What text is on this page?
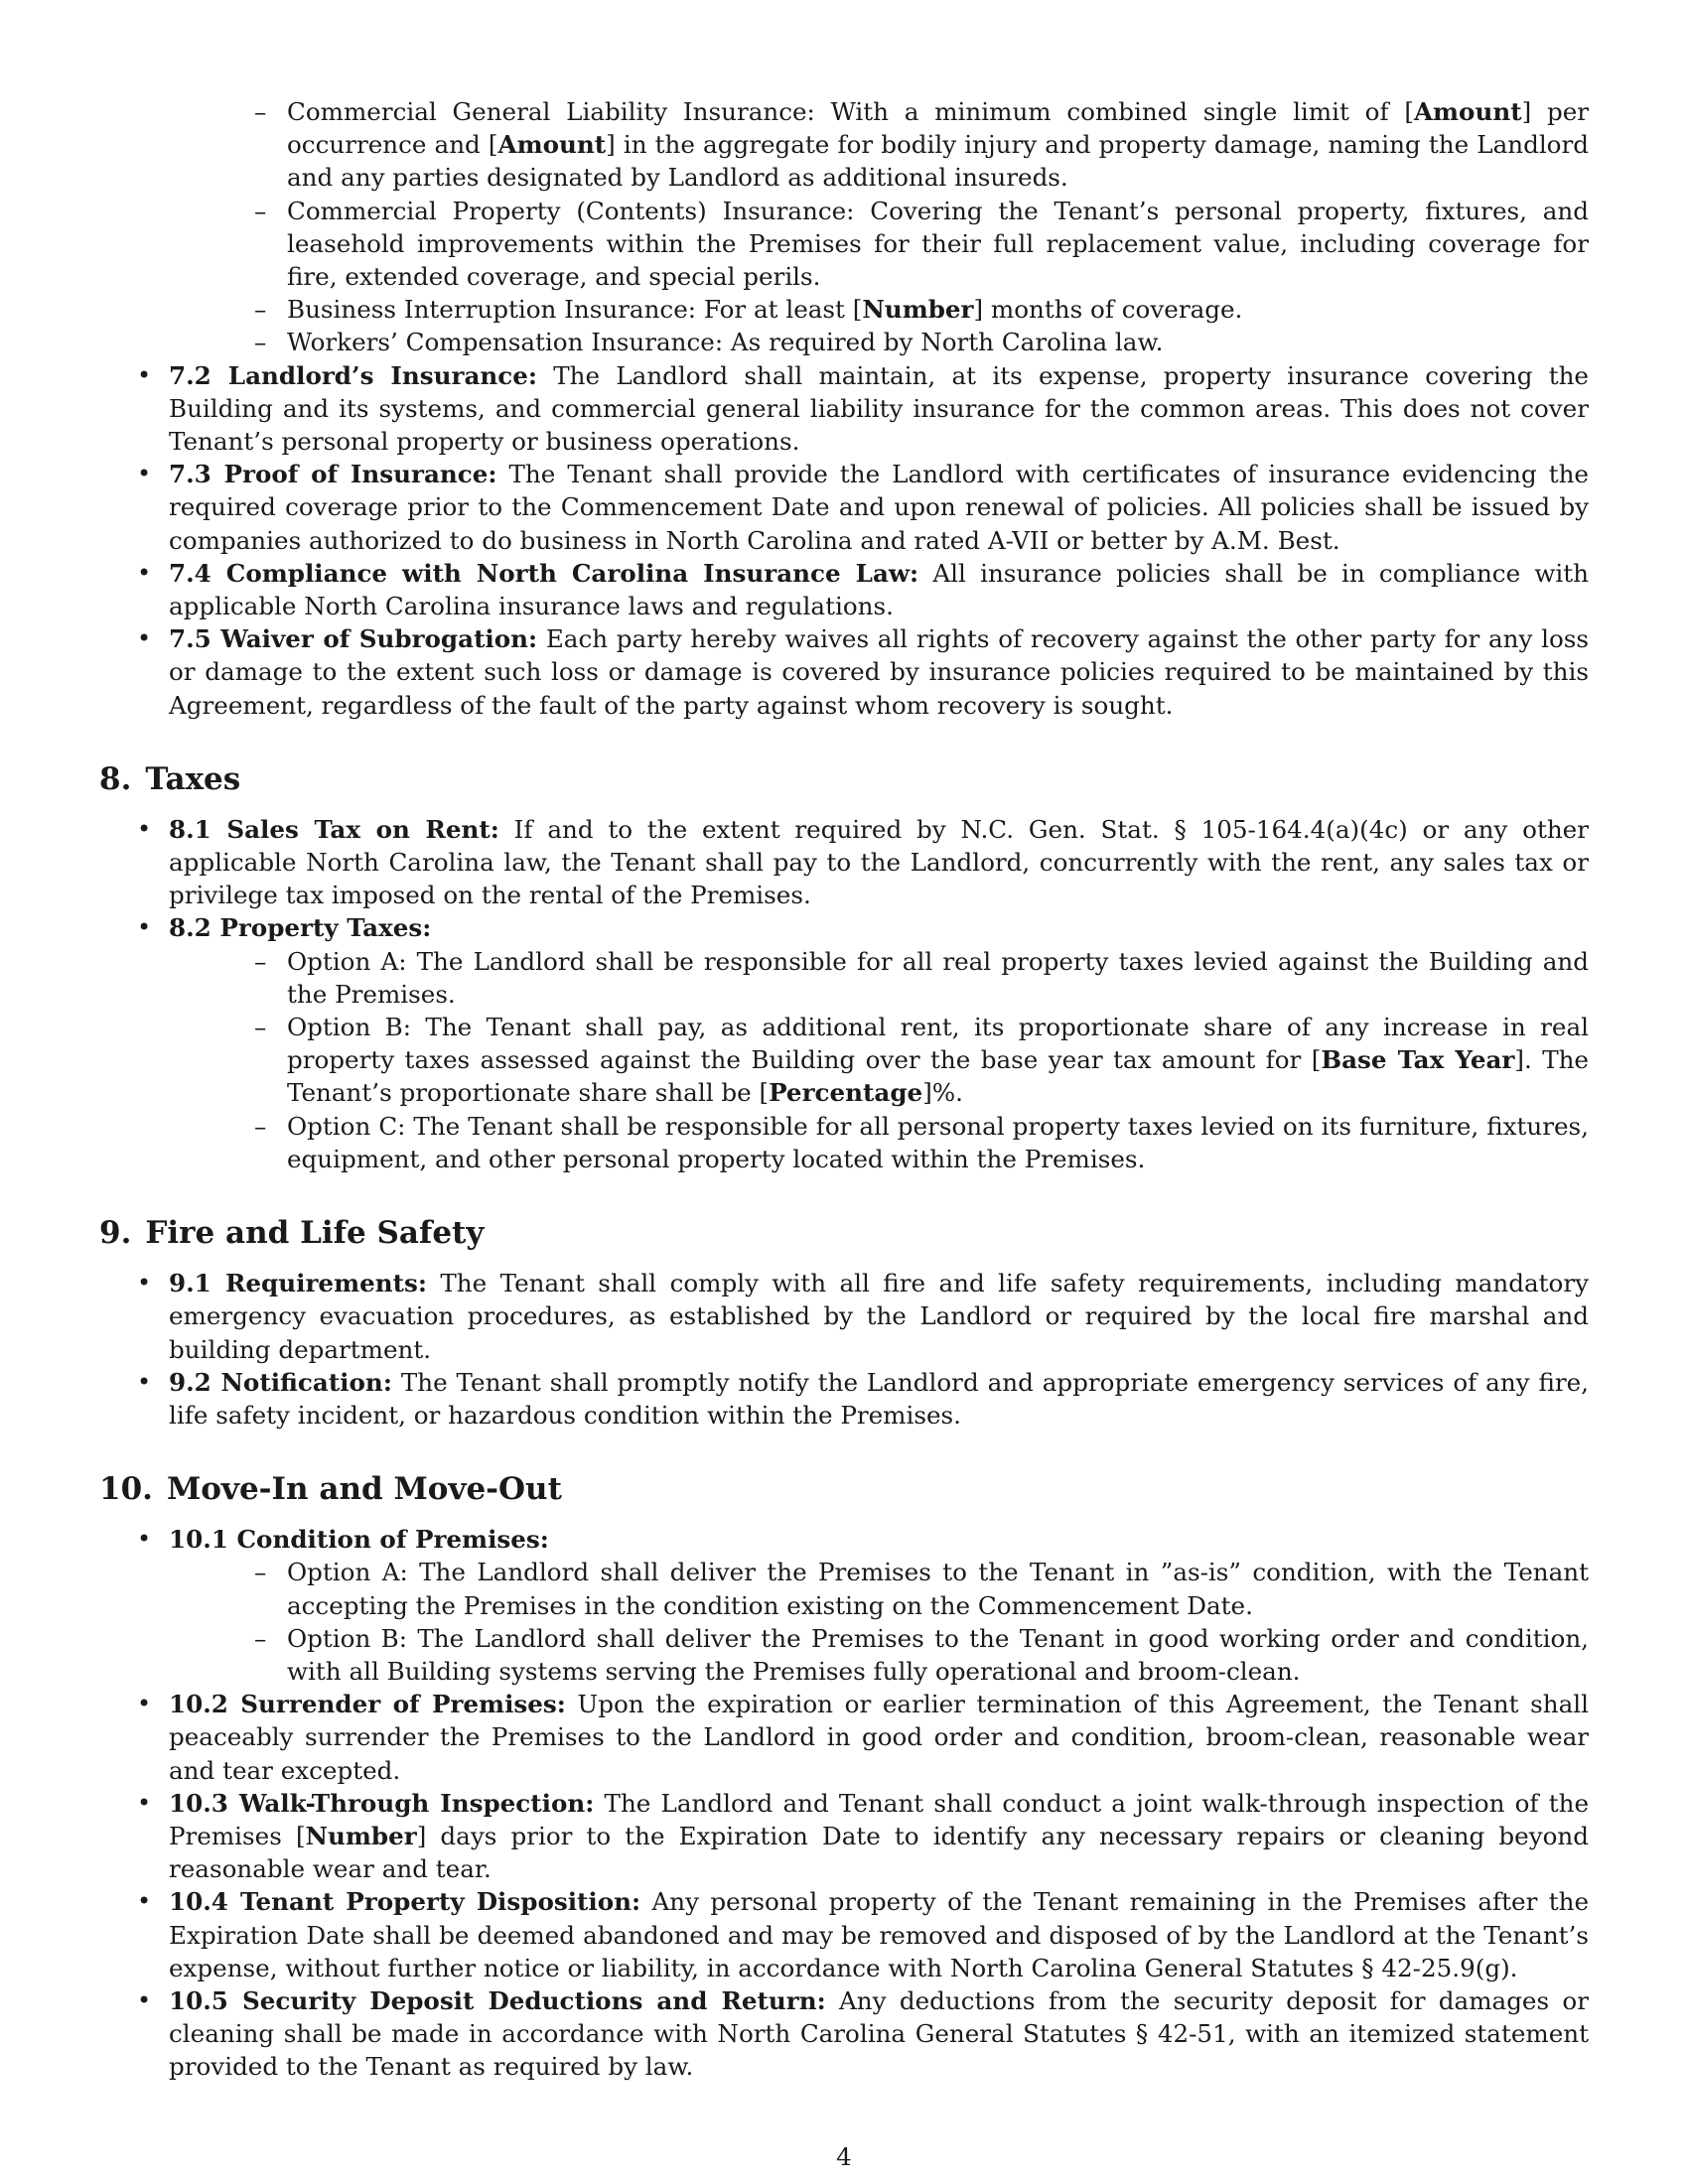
– Commercial General Liability Insurance: With a minimum combined single limit of [Amount] per occurrence and [Amount] in the aggregate for bodily injury and property damage, naming the Landlord and any parties designated by Landlord as additional insureds.
– Commercial Property (Contents) Insurance: Covering the Tenant’s personal property, fixtures, and leasehold improvements within the Premises for their full replacement value, including coverage for fire, extended coverage, and special perils.
– Business Interruption Insurance: For at least [Number] months of coverage.
– Workers’ Compensation Insurance: As required by North Carolina law.
• 7.2 Landlord’s Insurance: The Landlord shall maintain, at its expense, property insurance covering the Building and its systems, and commercial general liability insurance for the common areas. This does not cover Tenant’s personal property or business operations.
• 7.3 Proof of Insurance: The Tenant shall provide the Landlord with certificates of insurance evidencing the required coverage prior to the Commencement Date and upon renewal of policies. All policies shall be issued by companies authorized to do business in North Carolina and rated A-VII or better by A.M. Best.
• 7.4 Compliance with North Carolina Insurance Law: All insurance policies shall be in compliance with applicable North Carolina insurance laws and regulations.
• 7.5 Waiver of Subrogation: Each party hereby waives all rights of recovery against the other party for any loss or damage to the extent such loss or damage is covered by insurance policies required to be maintained by this Agreement, regardless of the fault of the party against whom recovery is sought.
8. Taxes
• 8.1 Sales Tax on Rent: If and to the extent required by N.C. Gen. Stat. § 105-164.4(a)(4c) or any other applicable North Carolina law, the Tenant shall pay to the Landlord, concurrently with the rent, any sales tax or privilege tax imposed on the rental of the Premises.
• 8.2 Property Taxes:
– Option A: The Landlord shall be responsible for all real property taxes levied against the Building and the Premises.
– Option B: The Tenant shall pay, as additional rent, its proportionate share of any increase in real property taxes assessed against the Building over the base year tax amount for [Base Tax Year]. The Tenant’s proportionate share shall be [Percentage]%.
– Option C: The Tenant shall be responsible for all personal property taxes levied on its furniture, fixtures, equipment, and other personal property located within the Premises.
9. Fire and Life Safety
• 9.1 Requirements: The Tenant shall comply with all fire and life safety requirements, including mandatory emergency evacuation procedures, as established by the Landlord or required by the local fire marshal and building department.
• 9.2 Notification: The Tenant shall promptly notify the Landlord and appropriate emergency services of any fire, life safety incident, or hazardous condition within the Premises.
10. Move-In and Move-Out
• 10.1 Condition of Premises:
– Option A: The Landlord shall deliver the Premises to the Tenant in ”as-is” condition, with the Tenant accepting the Premises in the condition existing on the Commencement Date.
– Option B: The Landlord shall deliver the Premises to the Tenant in good working order and condition, with all Building systems serving the Premises fully operational and broom-clean.
• 10.2 Surrender of Premises: Upon the expiration or earlier termination of this Agreement, the Tenant shall peaceably surrender the Premises to the Landlord in good order and condition, broom-clean, reasonable wear and tear excepted.
• 10.3 Walk-Through Inspection: The Landlord and Tenant shall conduct a joint walk-through inspection of the Premises [Number] days prior to the Expiration Date to identify any necessary repairs or cleaning beyond reasonable wear and tear.
• 10.4 Tenant Property Disposition: Any personal property of the Tenant remaining in the Premises after the Expiration Date shall be deemed abandoned and may be removed and disposed of by the Landlord at the Tenant’s expense, without further notice or liability, in accordance with North Carolina General Statutes § 42-25.9(g).
• 10.5 Security Deposit Deductions and Return: Any deductions from the security deposit for damages or cleaning shall be made in accordance with North Carolina General Statutes § 42-51, with an itemized statement provided to the Tenant as required by law.
4
